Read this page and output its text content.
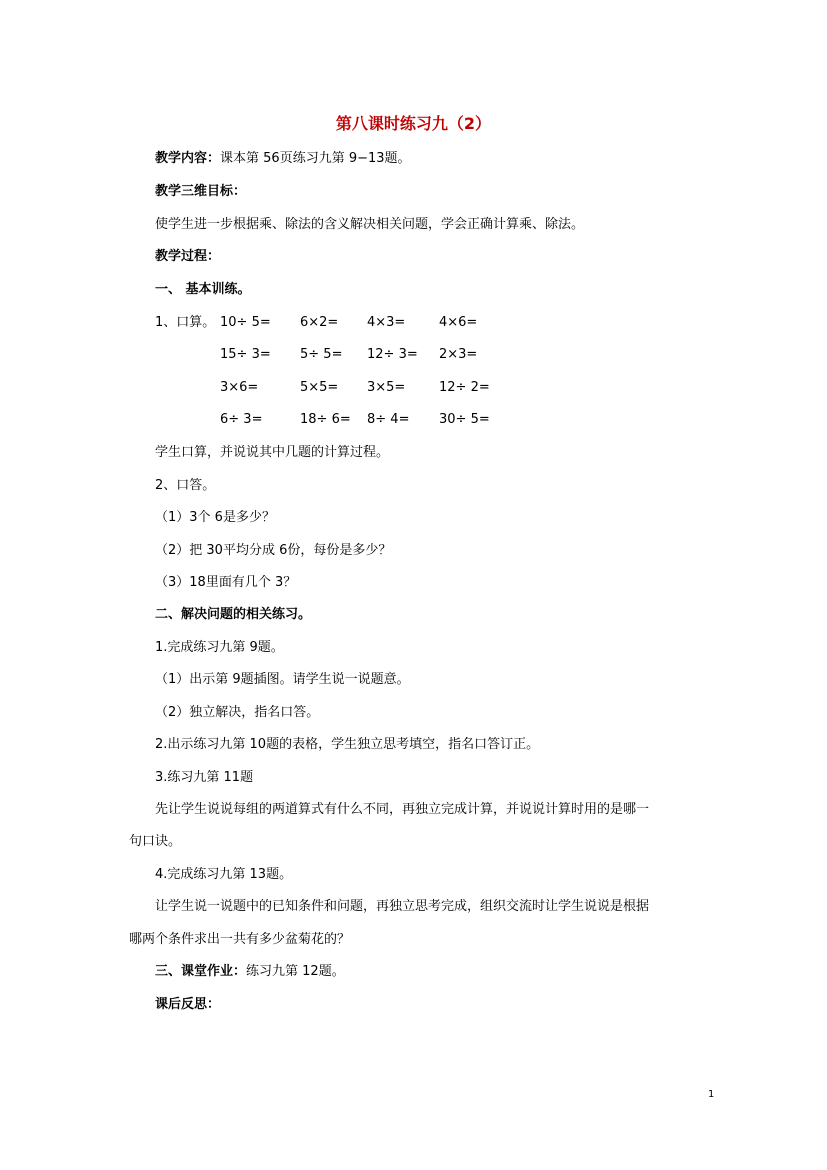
第八课时练习九（2）
教学内容：课本第 56页练习九第 9−13题。
教学三维目标：
使学生进一步根据乘、除法的含义解决相关问题，学会正确计算乘、除法。
教学过程：
一、 基本训练。
1、口算。 10÷ 5= 6×2= 4×3=	4×6=
15÷ 3= 5÷ 5= 12÷ 3= 2×3=
3×6=	5×5= 3×5=	12÷ 2=
6÷ 3=	18÷ 6= 8÷ 4= 30÷ 5=
学生口算，并说说其中几题的计算过程。
2、口答。
（1）3个 6是多少？
（2）把 30平均分成 6份，每份是多少？
（3）18里面有几个 3？
二、解决问题的相关练习。
1.完成练习九第 9题。
（1）出示第 9题插图。请学生说一说题意。
（2）独立解决，指名口答。
2.出示练习九第 10题的表格，学生独立思考填空，指名口答订正。
3.练习九第 11题
先让学生说说每组的两道算式有什么不同，再独立完成计算，并说说计算时用的是哪一
句口诀。
4.完成练习九第 13题。
让学生说一说题中的已知条件和问题，再独立思考完成，组织交流时让学生说说是根据
哪两个条件求出一共有多少盆菊花的？
三、课堂作业：练习九第 12题。
课后反思：
1
